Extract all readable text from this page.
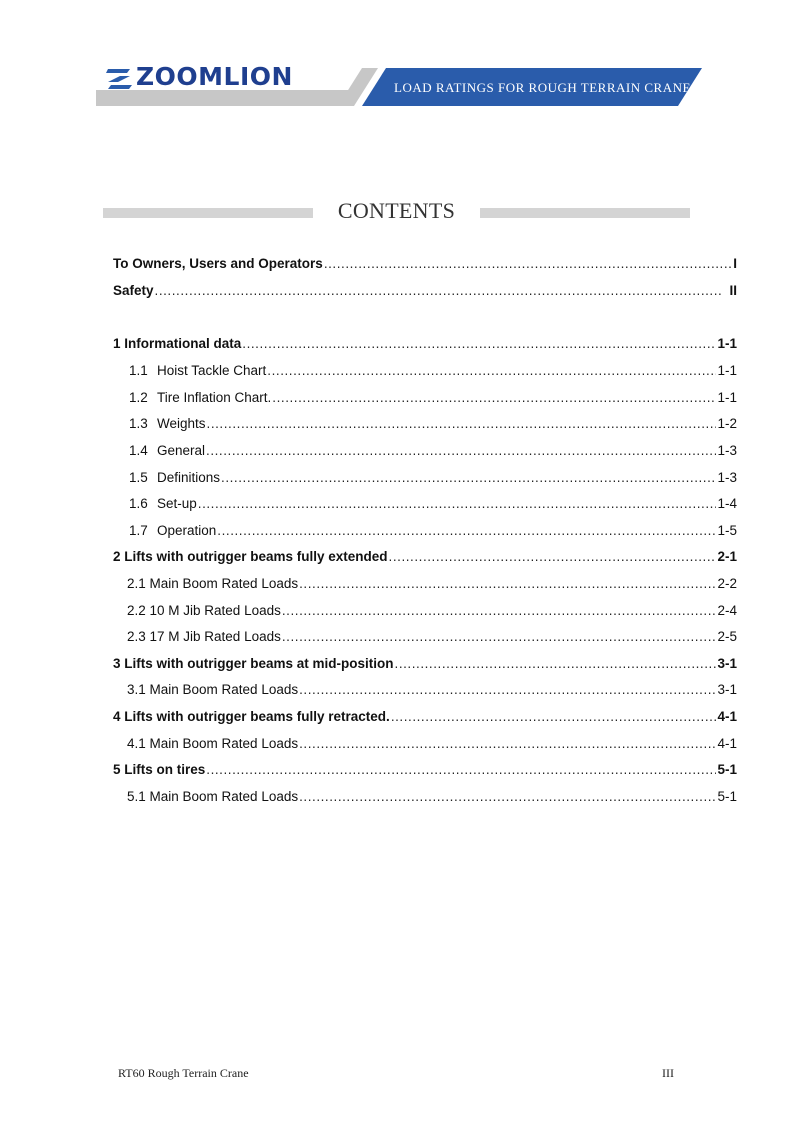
ZOOMLION	LOAD RATINGS FOR ROUGH TERRAIN CRANE
CONTENTS
To Owners, Users and Operators . . .	I
Safety . . .	II
1 Informational data . . .	1-1
1.1 Hoist Tackle Chart . . .	1-1
1.2 Tire Inflation Chart. . . .	1-1
1.3 Weights . . .	1-2
1.4 General . . .	1-3
1.5 Definitions . . .	1-3
1.6 Set-up . . .	1-4
1.7 Operation . . .	1-5
2 Lifts with outrigger beams fully extended . . .	2-1
2.1 Main Boom Rated Loads . . .	2-2
2.2 10 M Jib Rated Loads . . .	2-4
2.3 17 M Jib Rated Loads . . .	2-5
3 Lifts with outrigger beams at mid-position . . .	3-1
3.1 Main Boom Rated Loads . . .	3-1
4 Lifts with outrigger beams fully retracted. . . .	4-1
4.1 Main Boom Rated Loads . . .	4-1
5 Lifts on tires . . .	5-1
5.1 Main Boom Rated Loads . . .	5-1
RT60 Rough Terrain Crane	III
